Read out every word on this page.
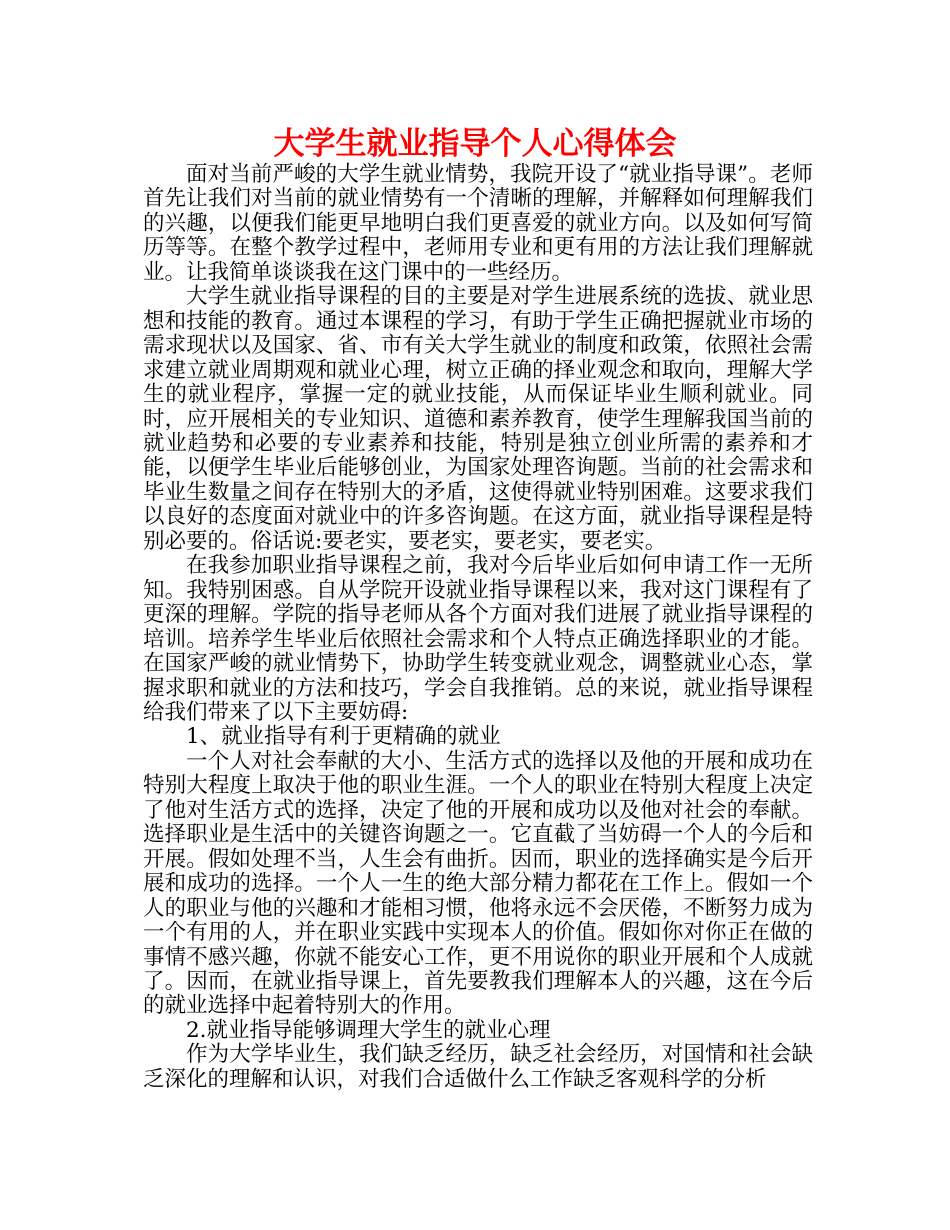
大学生就业指导个人心得体会

面对当前严峻的大学生就业情势，我院开设了“就业指导课”。老师首先让我们对当前的就业情势有一个清晰的理解，并解释如何理解我们的兴趣，以便我们能更早地明白我们更喜爱的就业方向。以及如何写简历等等。在整个教学过程中，老师用专业和更有用的方法让我们理解就业。让我简单谈谈我在这门课中的一些经历。

大学生就业指导课程的目的主要是对学生进展系统的选拔、就业思想和技能的教育。通过本课程的学习，有助于学生正确把握就业市场的需求现状以及国家、省、市有关大学生就业的制度和政策，依照社会需求建立就业周期观和就业心理，树立正确的择业观念和取向，理解大学生的就业程序，掌握一定的就业技能，从而保证毕业生顺利就业。同时，应开展相关的专业知识、道德和素养教育，使学生理解我国当前的就业趋势和必要的专业素养和技能，特别是独立创业所需的素养和才能，以便学生毕业后能够创业，为国家处理咨询题。当前的社会需求和毕业生数量之间存在特别大的矛盾，这使得就业特别困难。这要求我们以良好的态度面对就业中的许多咨询题。在这方面，就业指导课程是特别必要的。俗话说:要老实，要老实，要老实，要老实。

在我参加职业指导课程之前，我对今后毕业后如何申请工作一无所知。我特别困惑。自从学院开设就业指导课程以来，我对这门课程有了更深的理解。学院的指导老师从各个方面对我们进展了就业指导课程的培训。培养学生毕业后依照社会需求和个人特点正确选择职业的才能。在国家严峻的就业情势下，协助学生转变就业观念，调整就业心态，掌握求职和就业的方法和技巧，学会自我推销。总的来说，就业指导课程给我们带来了以下主要妨碍:

1、就业指导有利于更精确的就业

一个人对社会奉献的大小、生活方式的选择以及他的开展和成功在特别大程度上取决于他的职业生涯。一个人的职业在特别大程度上决定了他对生活方式的选择，决定了他的开展和成功以及他对社会的奉献。选择职业是生活中的关键咨询题之一。它直截了当妨碍一个人的今后和开展。假如处理不当，人生会有曲折。因而，职业的选择确实是今后开展和成功的选择。一个人一生的绝大部分精力都花在工作上。假如一个人的职业与他的兴趣和才能相习惯，他将永远不会厌倦，不断努力成为一个有用的人，并在职业实践中实现本人的价值。假如你对你正在做的事情不感兴趣，你就不能安心工作，更不用说你的职业开展和个人成就了。因而，在就业指导课上，首先要教我们理解本人的兴趣，这在今后的就业选择中起着特别大的作用。

2.就业指导能够调理大学生的就业心理

作为大学毕业生，我们缺乏经历，缺乏社会经历，对国情和社会缺乏深化的理解和认识，对我们合适做什么工作缺乏客观科学的分析
